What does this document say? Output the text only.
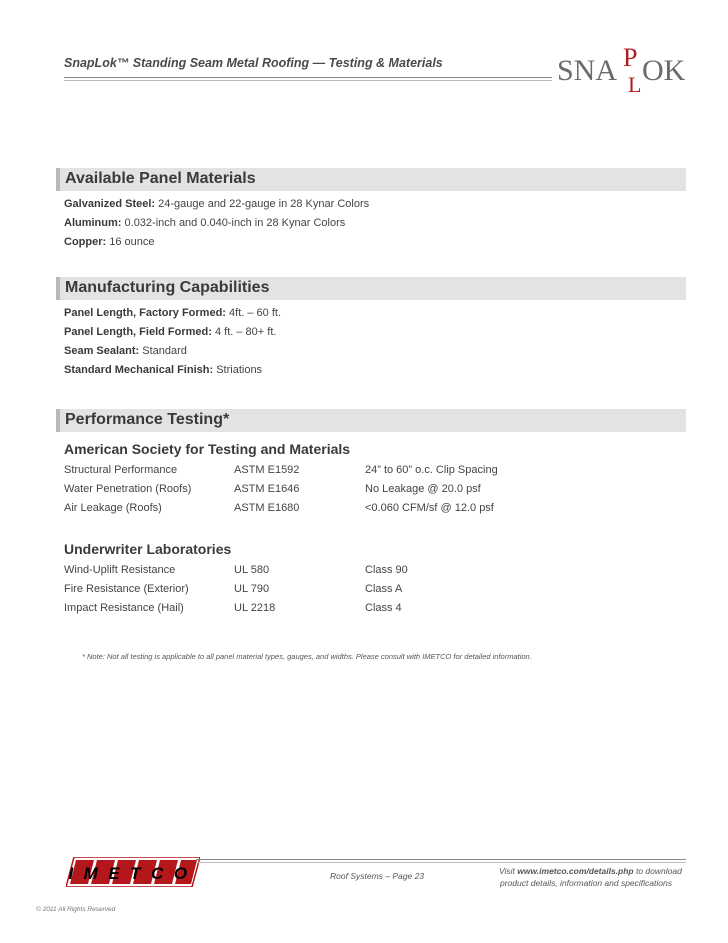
SnapLok™ Standing Seam Metal Roofing — Testing & Materials	SNA P
L OK
Available Panel Materials
Galvanized Steel: 24-gauge and 22-gauge in 28 Kynar Colors
Aluminum: 0.032-inch and 0.040-inch in 28 Kynar Colors
Copper: 16 ounce
Manufacturing Capabilities
Panel Length, Factory Formed: 4ft. – 60 ft.
Panel Length, Field Formed: 4 ft. – 80+ ft.
Seam Sealant: Standard
Standard Mechanical Finish: Striations
Performance Testing*
American Society for Testing and Materials
Structural Performance	ASTM E1592	24” to 60” o.c. Clip Spacing
Water Penetration (Roofs)	ASTM E1646	No Leakage @ 20.0 psf
Air Leakage (Roofs)	ASTM E1680	<0.060 CFM/sf @ 12.0 psf
Underwriter Laboratories
Wind-Uplift Resistance	UL 580	Class 90
Fire Resistance (Exterior)	UL 790	Class A
Impact Resistance (Hail)	UL 2218	Class 4
* Note: Not all testing is applicable to all panel material types, gauges, and widths. Please consult with IMETCO for detailed information.
IMETCO	Roof Systems – Page 23	Visit www.imetco.com/details.php to download
product details, information and specifications
© 2011 All Rights Reserved
